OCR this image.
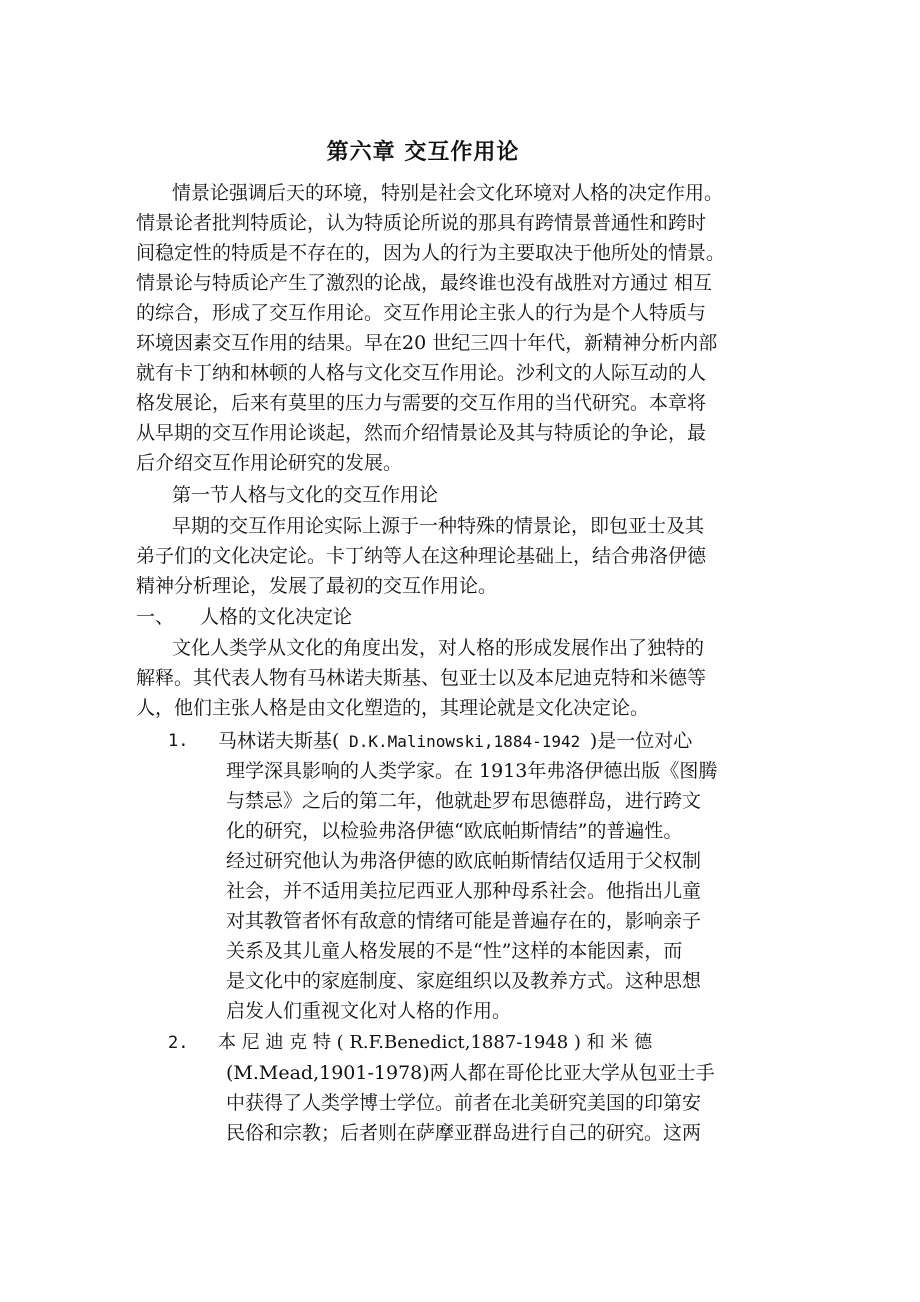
第六章 交互作用论
情景论强调后天的环境，特别是社会文化环境对人格的决定作用。
情景论者批判特质论，认为特质论所说的那具有跨情景普通性和跨时
间稳定性的特质是不存在的，因为人的行为主要取决于他所处的情景。
情景论与特质论产生了激烈的论战，最终谁也没有战胜对方通过 相互
的综合，形成了交互作用论。交互作用论主张人的行为是个人特质与
环境因素交互作用的结果。早在20 世纪三四十年代，新精神分析内部
就有卡丁纳和林顿的人格与文化交互作用论。沙利文的人际互动的人
格发展论，后来有莫里的压力与需要的交互作用的当代研究。本章将
从早期的交互作用论谈起，然而介绍情景论及其与特质论的争论，最
后介绍交互作用论研究的发展。
第一节人格与文化的交互作用论
早期的交互作用论实际上源于一种特殊的情景论，即包亚士及其
弟子们的文化决定论。卡丁纳等人在这种理论基础上，结合弗洛伊德
精神分析理论，发展了最初的交互作用论。
一、 人格的文化决定论
文化人类学从文化的角度出发，对人格的形成发展作出了独特的
解释。其代表人物有马林诺夫斯基、包亚士以及本尼迪克特和米德等
人，他们主张人格是由文化塑造的，其理论就是文化决定论。
1. 马林诺夫斯基( D.K.Malinowski,1884-1942 )是一位对心
理学深具影响的人类学家。在 1913年弗洛伊德出版《图腾
与禁忌》之后的第二年，他就赴罗布思德群岛，进行跨文
化的研究，以检验弗洛伊德“欧底帕斯情结”的普遍性。
经过研究他认为弗洛伊德的欧底帕斯情结仅适用于父权制
社会，并不适用美拉尼西亚人那种母系社会。他指出儿童
对其教管者怀有敌意的情绪可能是普遍存在的，影响亲子
关系及其儿童人格发展的不是“性”这样的本能因素，而
是文化中的家庭制度、家庭组织以及教养方式。这种思想
启发人们重视文化对人格的作用。
2. 本 尼 迪 克 特 ( R.F.Benedict,1887-1948 ) 和 米 德
(M.Mead,1901-1978)两人都在哥伦比亚大学从包亚士手
中获得了人类学博士学位。前者在北美研究美国的印第安
民俗和宗教；后者则在萨摩亚群岛进行自己的研究。这两
